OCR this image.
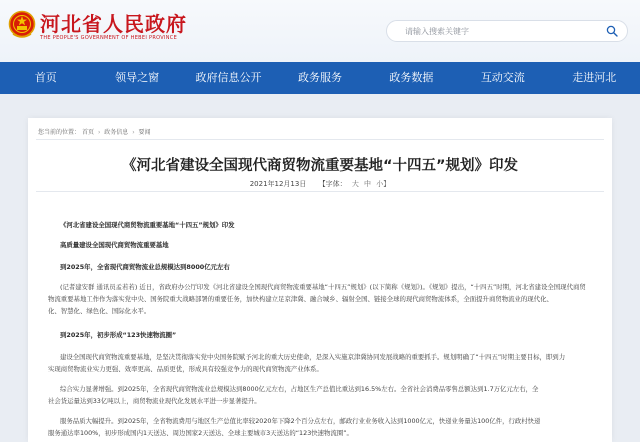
河北省人民政府
THE PEOPLE'S GOVERNMENT OF HEBEI PROVINCE
请输入搜索关键字
首页	领导之窗	政府信息公开	政务服务	政务数据	互动交流	走进河北
您当前的位置： 首页 › 政务信息 › 要闻
《河北省建设全国现代商贸物流重要基地“十四五”规划》印发
2021年12月13日 【字体： 大 中 小】
《河北省建设全国现代商贸物流重要基地“十四五”规划》印发
高质量建设全国现代商贸物流重要基地
到2025年，全省现代商贸物流业总规模达到8000亿元左右
(记者建安群 通讯员孟若若) 近日，省政府办公厅印发《河北省建设全国现代商贸物流重要基地“十四五”规划》(以下简称《规划》)。《规划》提出，“十四五”时期，河北省建设全国现代商贸
物流重要基地工作作为落实党中央、国务院重大战略部署的重要任务，加快构建立足京津冀、融合城乡、辐射全国、链接全球的现代商贸物流体系，全面提升商贸物流业的现代化、
化、智慧化、绿色化、国际化水平。
到2025年，初步形成“123快速物流圈”
建设全国现代商贸物流重要基地，是坚决贯彻落实党中央国务院赋予河北的重大历史使命，是深入实施京津冀协同发展战略的重要抓手。规划明确了“十四五”时期主要目标，即到力
实现商贸物流业实力更强、效率更高、品质更优，形成具有较强竞争力的现代商贸物流产业体系。
综合实力显著增强。到2025年，全省现代商贸物流业总规模达到8000亿元左右，占地区生产总值比重达到16.5%左右。全省社会消费品零售总额达到1.7万亿元左右，全
社会货运量达到33亿吨以上，商贸物流业现代化发展水平进一步显著提升。
服务品质大幅提升。到2025年，全省物流费用与地区生产总值比率较2020年下降2个百分点左右，邮政行业业务收入达到1000亿元，快递业务量达100亿件，行政村快递
服务通达率100%，初步形成国内1天送达、周边国家2天送达、全球主要城市3天送达的“123快速物流圈”。
